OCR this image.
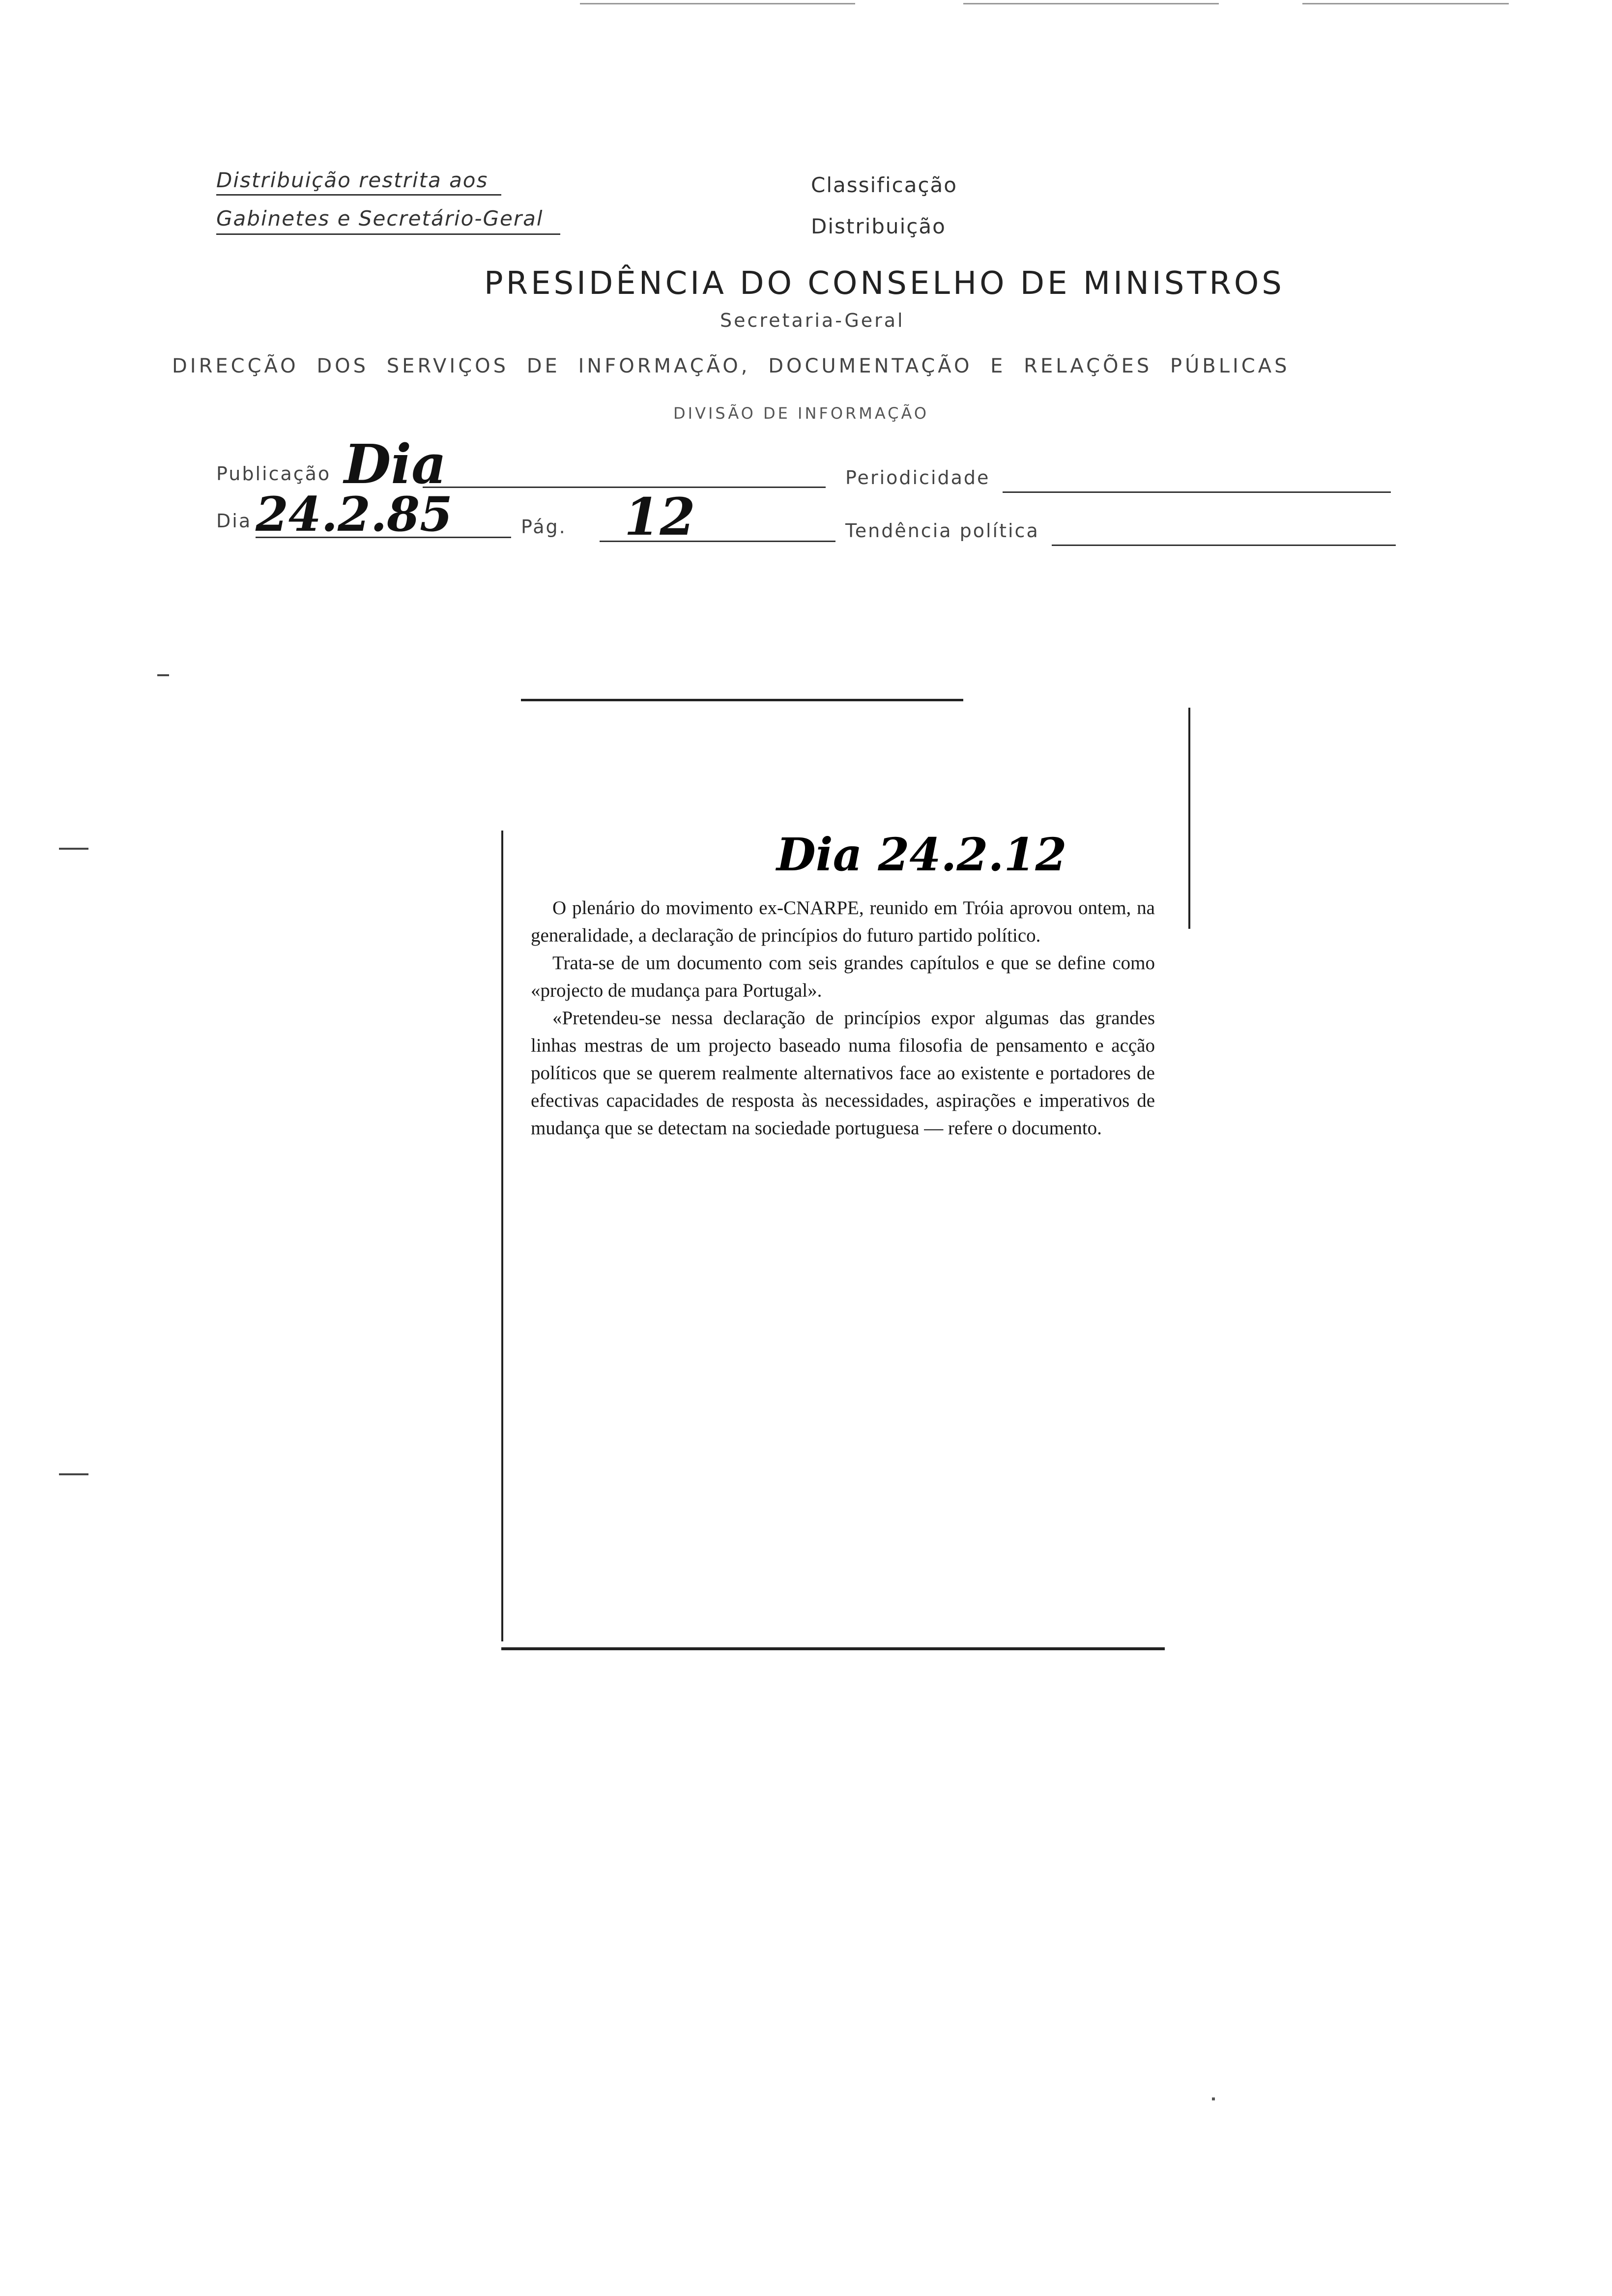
Distribuição restrita aos
Gabinetes e Secretário-Geral
Classificação
Distribuição
PRESIDÊNCIA DO CONSELHO DE MINISTROS
Secretaria-Geral
DIRECÇÃO DOS SERVIÇOS DE INFORMAÇÃO, DOCUMENTAÇÃO E RELAÇÕES PÚBLICAS
DIVISÃO DE INFORMAÇÃO
Publicação Dia	Periodicidade
Dia 24.2.85	Pág. 12	Tendência política
Dia 24.2.12

O plenário do movimento ex-CNARPE, reunido em Tróia aprovou ontem, na generalidade, a declaração de princípios do futuro partido político.

Trata-se de um documento com seis grandes capítulos e que se define como «projecto de mudança para Portugal».

«Pretendeu-se nessa declaração de princípios expor algumas das grandes linhas mestras de um projecto baseado numa filosofia de pensamento e acção políticos que se querem realmente alternativos face ao existente e portadores de efectivas capacidades de resposta às necessidades, aspirações e imperativos de mudança que se detectam na sociedade portuguesa — refere o documento.
